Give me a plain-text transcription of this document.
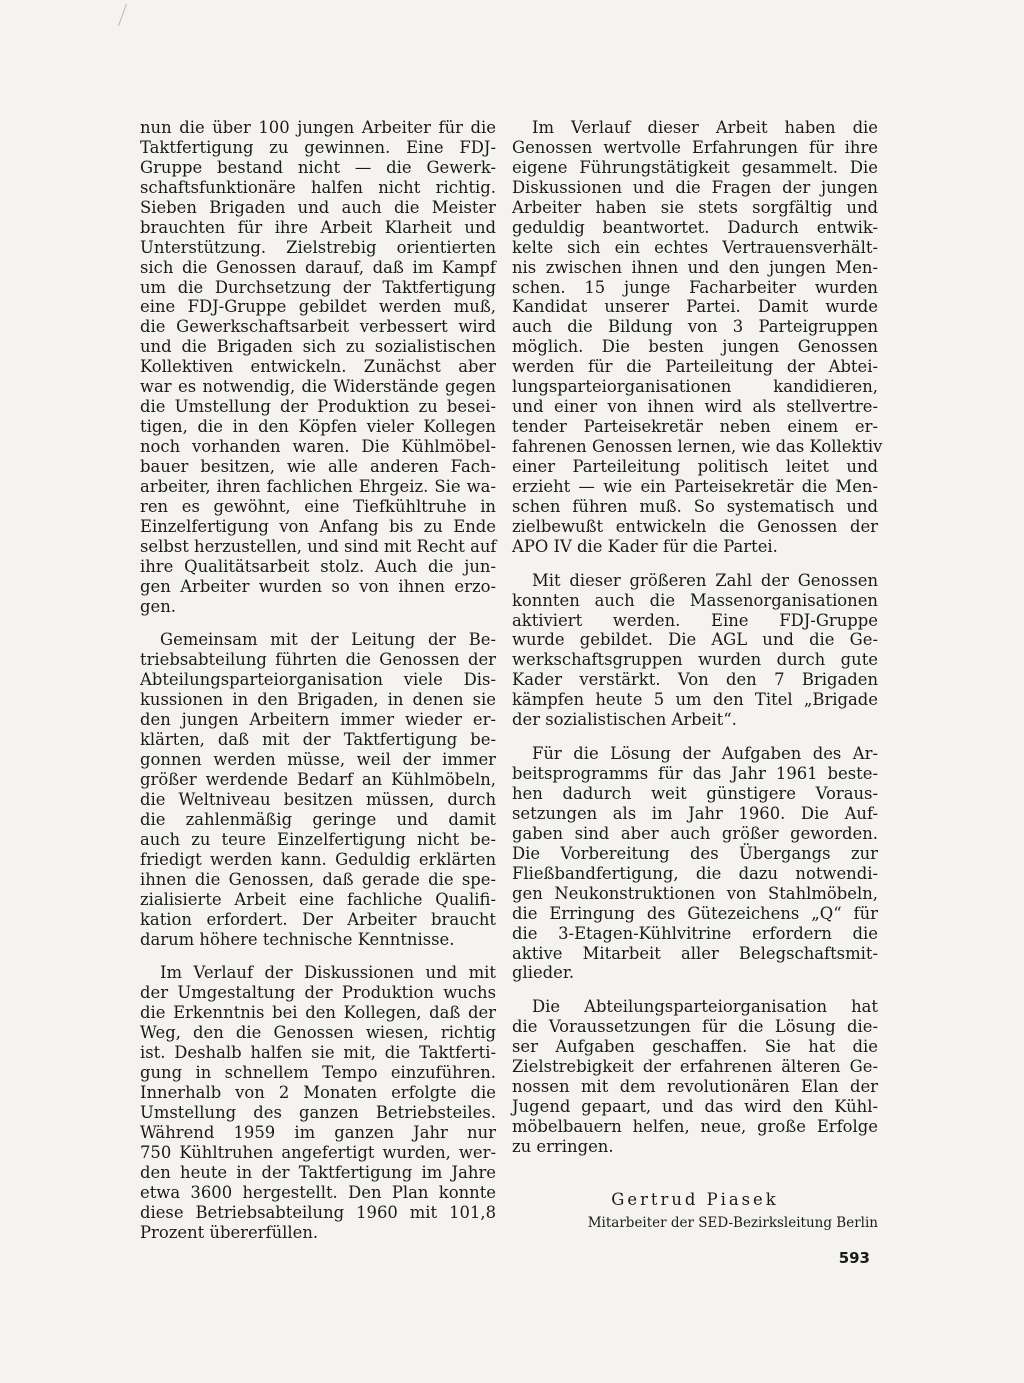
nun die über 100 jungen Arbeiter für die
Taktfertigung zu gewinnen. Eine FDJ-
Gruppe bestand nicht — die Gewerk-
schaftsfunktionäre halfen nicht richtig.
Sieben Brigaden und auch die Meister
brauchten für ihre Arbeit Klarheit und
Unterstützung. Zielstrebig orientierten
sich die Genossen darauf, daß im Kampf
um die Durchsetzung der Taktfertigung
eine FDJ-Gruppe gebildet werden muß,
die Gewerkschaftsarbeit verbessert wird
und die Brigaden sich zu sozialistischen
Kollektiven entwickeln. Zunächst aber
war es notwendig, die Widerstände gegen
die Umstellung der Produktion zu besei-
tigen, die in den Köpfen vieler Kollegen
noch vorhanden waren. Die Kühlmöbel-
bauer besitzen, wie alle anderen Fach-
arbeiter, ihren fachlichen Ehrgeiz. Sie wa-
ren es gewöhnt, eine Tiefkühltruhe in
Einzelfertigung von Anfang bis zu Ende
selbst herzustellen, und sind mit Recht auf
ihre Qualitätsarbeit stolz. Auch die jun-
gen Arbeiter wurden so von ihnen erzo-
gen.
Gemeinsam mit der Leitung der Be-
triebsabteilung führten die Genossen der
Abteilungsparteiorganisation viele Dis-
kussionen in den Brigaden, in denen sie
den jungen Arbeitern immer wieder er-
klärten, daß mit der Taktfertigung be-
gonnen werden müsse, weil der immer
größer werdende Bedarf an Kühlmöbeln,
die Weltniveau besitzen müssen, durch
die zahlenmäßig geringe und damit
auch zu teure Einzelfertigung nicht be-
friedigt werden kann. Geduldig erklärten
ihnen die Genossen, daß gerade die spe-
zialisierte Arbeit eine fachliche Qualifi-
kation erfordert. Der Arbeiter braucht
darum höhere technische Kenntnisse.
Im Verlauf der Diskussionen und mit
der Umgestaltung der Produktion wuchs
die Erkenntnis bei den Kollegen, daß der
Weg, den die Genossen wiesen, richtig
ist. Deshalb halfen sie mit, die Taktferti-
gung in schnellem Tempo einzuführen.
Innerhalb von 2 Monaten erfolgte die
Umstellung des ganzen Betriebsteiles.
Während 1959 im ganzen Jahr nur
750 Kühltruhen angefertigt wurden, wer-
den heute in der Taktfertigung im Jahre
etwa 3600 hergestellt. Den Plan konnte
diese Betriebsabteilung 1960 mit 101,8
Prozent übererfüllen.
Im Verlauf dieser Arbeit haben die
Genossen wertvolle Erfahrungen für ihre
eigene Führungstätigkeit gesammelt. Die
Diskussionen und die Fragen der jungen
Arbeiter haben sie stets sorgfältig und
geduldig beantwortet. Dadurch entwik-
kelte sich ein echtes Vertrauensverhält-
nis zwischen ihnen und den jungen Men-
schen. 15 junge Facharbeiter wurden
Kandidat unserer Partei. Damit wurde
auch die Bildung von 3 Parteigruppen
möglich. Die besten jungen Genossen
werden für die Parteileitung der Abtei-
lungsparteiorganisationen kandidieren,
und einer von ihnen wird als stellvertre-
tender Parteisekretär neben einem er-
fahrenen Genossen lernen, wie das Kollektiv
einer Parteileitung politisch leitet und
erzieht — wie ein Parteisekretär die Men-
schen führen muß. So systematisch und
zielbewußt entwickeln die Genossen der
APO IV die Kader für die Partei.
Mit dieser größeren Zahl der Genossen
konnten auch die Massenorganisationen
aktiviert werden. Eine FDJ-Gruppe
wurde gebildet. Die AGL und die Ge-
werkschaftsgruppen wurden durch gute
Kader verstärkt. Von den 7 Brigaden
kämpfen heute 5 um den Titel „Brigade
der sozialistischen Arbeit“.
Für die Lösung der Aufgaben des Ar-
beitsprogramms für das Jahr 1961 beste-
hen dadurch weit günstigere Voraus-
setzungen als im Jahr 1960. Die Auf-
gaben sind aber auch größer geworden.
Die Vorbereitung des Übergangs zur
Fließbandfertigung, die dazu notwendi-
gen Neukonstruktionen von Stahlmöbeln,
die Erringung des Gütezeichens „Q“ für
die 3-Etagen-Kühlvitrine erfordern die
aktive Mitarbeit aller Belegschaftsmit-
glieder.
Die Abteilungsparteiorganisation hat
die Voraussetzungen für die Lösung die-
ser Aufgaben geschaffen. Sie hat die
Zielstrebigkeit der erfahrenen älteren Ge-
nossen mit dem revolutionären Elan der
Jugend gepaart, und das wird den Kühl-
möbelbauern helfen, neue, große Erfolge
zu erringen.
Gertrud Piasek
Mitarbeiter der SED-Bezirksleitung Berlin
593
